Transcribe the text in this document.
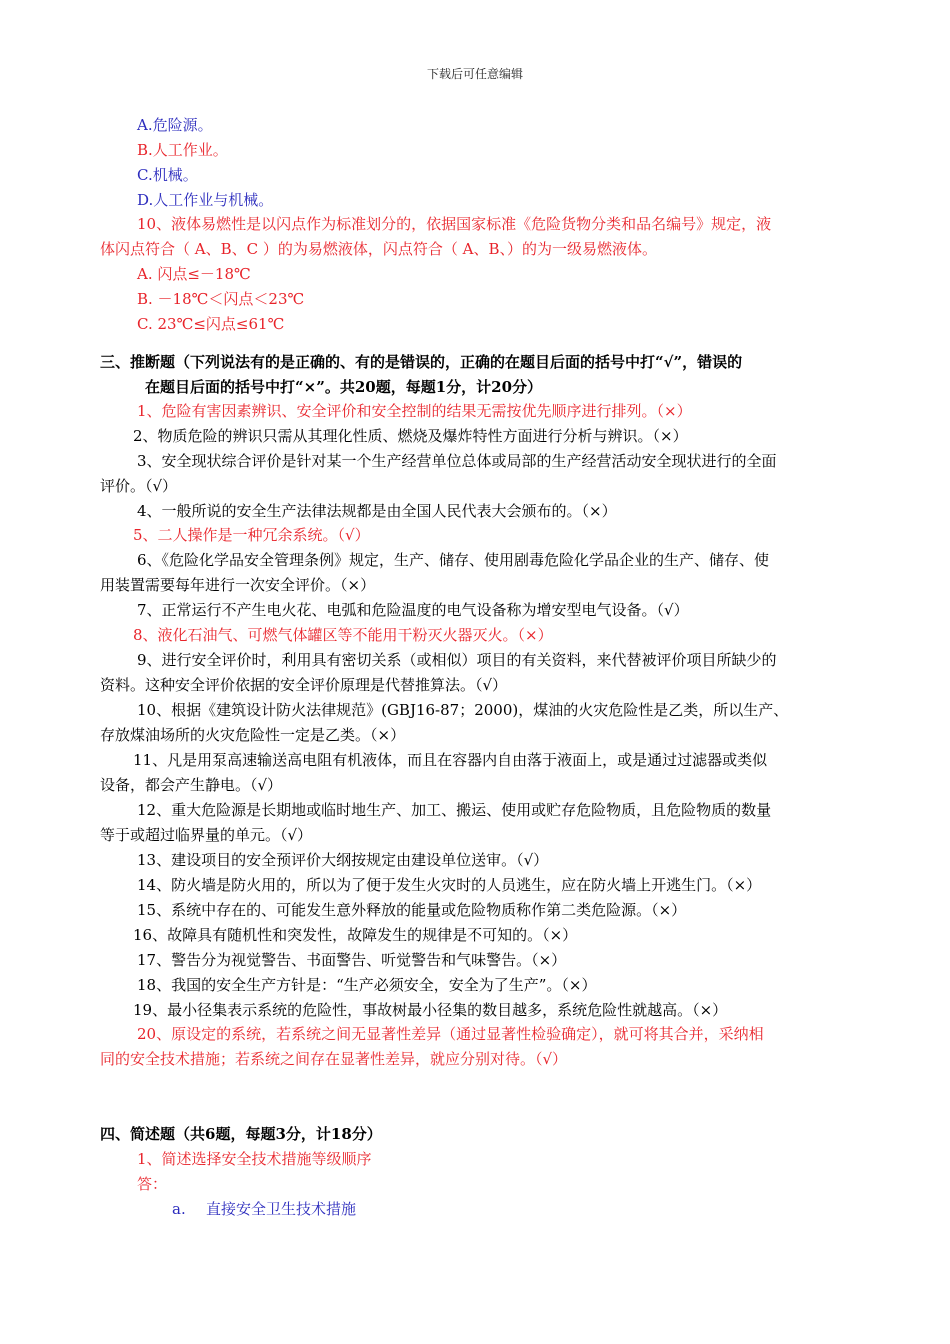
下载后可任意编辑
A.危险源。
B.人工作业。
C.机械。
D.人工作业与机械。
10、液体易燃性是以闪点作为标准划分的，依据国家标准《危险货物分类和品名编号》规定，液
体闪点符合（ A、B、C ）的为易燃液体，闪点符合（ A、B、）的为一级易燃液体。
A. 闪点≤－18℃
B. －18℃＜闪点＜23℃
C. 23℃≤闪点≤61℃
三、推断题（下列说法有的是正确的、有的是错误的，正确的在题目后面的括号中打“√”，错误的
在题目后面的括号中打“×”。共20题，每题1分，计20分）
1、危险有害因素辨识、安全评价和安全控制的结果无需按优先顺序进行排列。（×）
2、物质危险的辨识只需从其理化性质、燃烧及爆炸特性方面进行分析与辨识。（×）
3、安全现状综合评价是针对某一个生产经营单位总体或局部的生产经营活动安全现状进行的全面
评价。（√）
4、一般所说的安全生产法律法规都是由全国人民代表大会颁布的。（×）
5、二人操作是一种冗余系统。（√）
6、《危险化学品安全管理条例》规定，生产、储存、使用剧毒危险化学品企业的生产、储存、使
用装置需要每年进行一次安全评价。（×）
7、正常运行不产生电火花、电弧和危险温度的电气设备称为增安型电气设备。（√）
8、液化石油气、可燃气体罐区等不能用干粉灭火器灭火。（×）
9、进行安全评价时，利用具有密切关系（或相似）项目的有关资料，来代替被评价项目所缺少的
资料。这种安全评价依据的安全评价原理是代替推算法。（√）
10、根据《建筑设计防火法律规范》(GBJ16-87；2000)，煤油的火灾危险性是乙类，所以生产、
存放煤油场所的火灾危险性一定是乙类。（×）
11、凡是用泵高速输送高电阻有机液体，而且在容器内自由落于液面上，或是通过过滤器或类似
设备，都会产生静电。（√）
12、重大危险源是长期地或临时地生产、加工、搬运、使用或贮存危险物质，且危险物质的数量
等于或超过临界量的单元。（√）
13、建设项目的安全预评价大纲按规定由建设单位送审。（√）
14、防火墙是防火用的，所以为了便于发生火灾时的人员逃生，应在防火墙上开逃生门。（×）
15、系统中存在的、可能发生意外释放的能量或危险物质称作第二类危险源。（×）
16、故障具有随机性和突发性，故障发生的规律是不可知的。（×）
17、警告分为视觉警告、书面警告、听觉警告和气味警告。（×）
18、我国的安全生产方针是：“生产必须安全，安全为了生产”。（×）
19、最小径集表示系统的危险性，事故树最小径集的数目越多，系统危险性就越高。（×）
20、原设定的系统，若系统之间无显著性差异（通过显著性检验确定），就可将其合并，采纳相
同的安全技术措施；若系统之间存在显著性差异，就应分别对待。（√）
四、简述题（共6题，每题3分，计18分）
1、简述选择安全技术措施等级顺序
答：
a. 直接安全卫生技术措施
